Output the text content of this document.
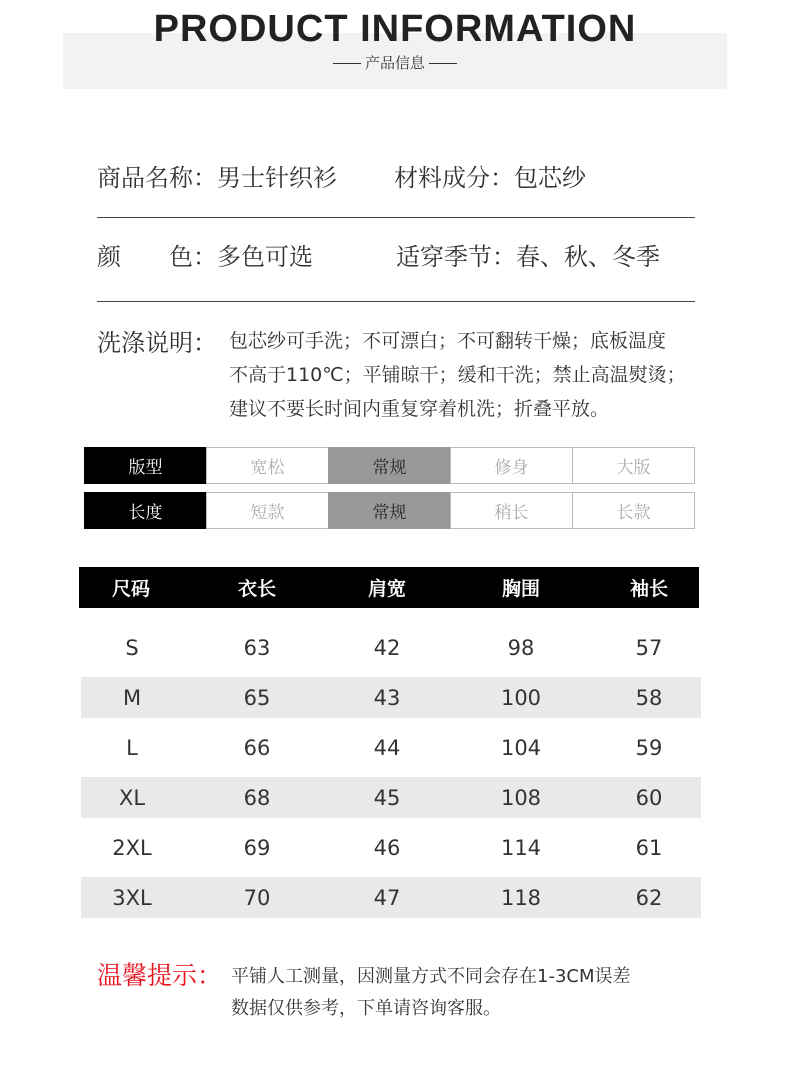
PRODUCT INFORMATION
产品信息
商品名称：男士针织衫 材料成分：包芯纱
颜　　色：多色可选	适穿季节：春、秋、冬季
洗涤说明： 包芯纱可手洗；不可漂白；不可翻转干燥；底板温度
不高于110℃；平铺晾干；缓和干洗；禁止高温熨烫；
建议不要长时间内重复穿着机洗；折叠平放。
版型	宽松	常规	修身	大版
长度	短款	常规	稍长	长款
尺码	衣长	肩宽	胸围	袖长
S	63	42	98	57
M	65	43	100	58
L	66	44	104	59
XL	68	45	108	60
2XL	69	46	114	61
3XL	70	47	118	62
温馨提示： 平铺人工测量，因测量方式不同会存在1-3CM误差
数据仅供参考，下单请咨询客服。
